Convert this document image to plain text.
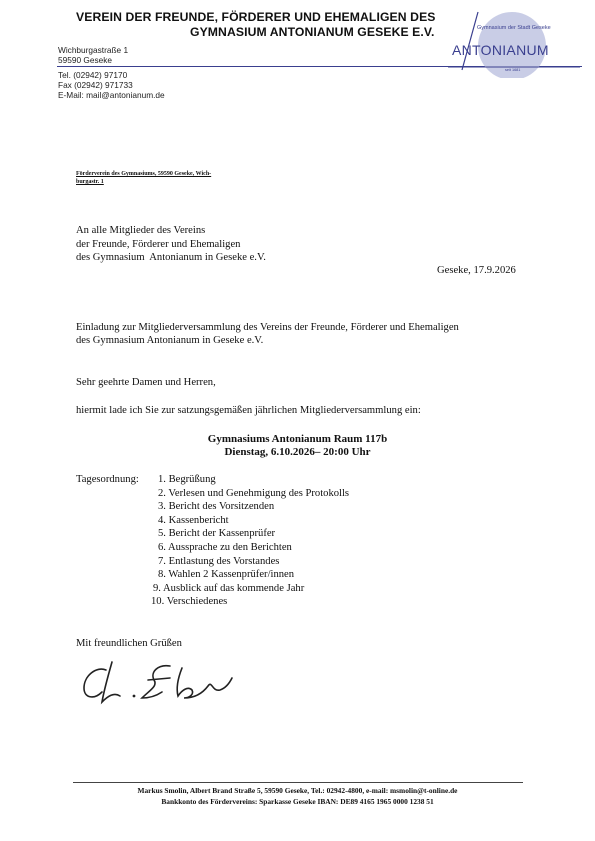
VEREIN DER FREUNDE, FÖRDERER UND EHEMALIGEN DES
GYMNASIUM ANTONIANUM GESEKE E.V.
Wichburgastraße 1
59590 Geseke
Tel. (02942) 97170
Fax (02942) 971733
E-Mail: mail@antonianum.de
Gymnasium der Stadt Geseke
ANTONIANUM
seit 1681
Förderverein des Gymnasiums, 59590 Geseke, Wich-
burgastr. 1
An alle Mitglieder des Vereins
der Freunde, Förderer und Ehemaligen
des Gymnasium  Antonianum in Geseke e.V.
Geseke, 17.9.2026
Einladung zur Mitgliederversammlung des Vereins der Freunde, Förderer und Ehemaligen
des Gymnasium Antonianum in Geseke e.V.
Sehr geehrte Damen und Herren,
hiermit lade ich Sie zur satzungsgemäßen jährlichen Mitgliederversammlung ein:
Gymnasiums Antonianum Raum 117b
Dienstag, 6.10.2026– 20:00 Uhr
Tagesordnung: 1. Begrüßung
2. Verlesen und Genehmigung des Protokolls
3. Bericht des Vorsitzenden
4. Kassenbericht
5. Bericht der Kassenprüfer
6. Aussprache zu den Berichten
7. Entlastung des Vorstandes
8. Wahlen 2 Kassenprüfer/innen
9. Ausblick auf das kommende Jahr
10. Verschiedenes
Mit freundlichen Grüßen
Markus Smolin, Albert Brand Straße 5, 59590 Geseke, Tel.: 02942-4800, e-mail: msmolin@t-online.de
Bankkonto des Fördervereins: Sparkasse Geseke IBAN: DE89 4165 1965 0000 1238 51
